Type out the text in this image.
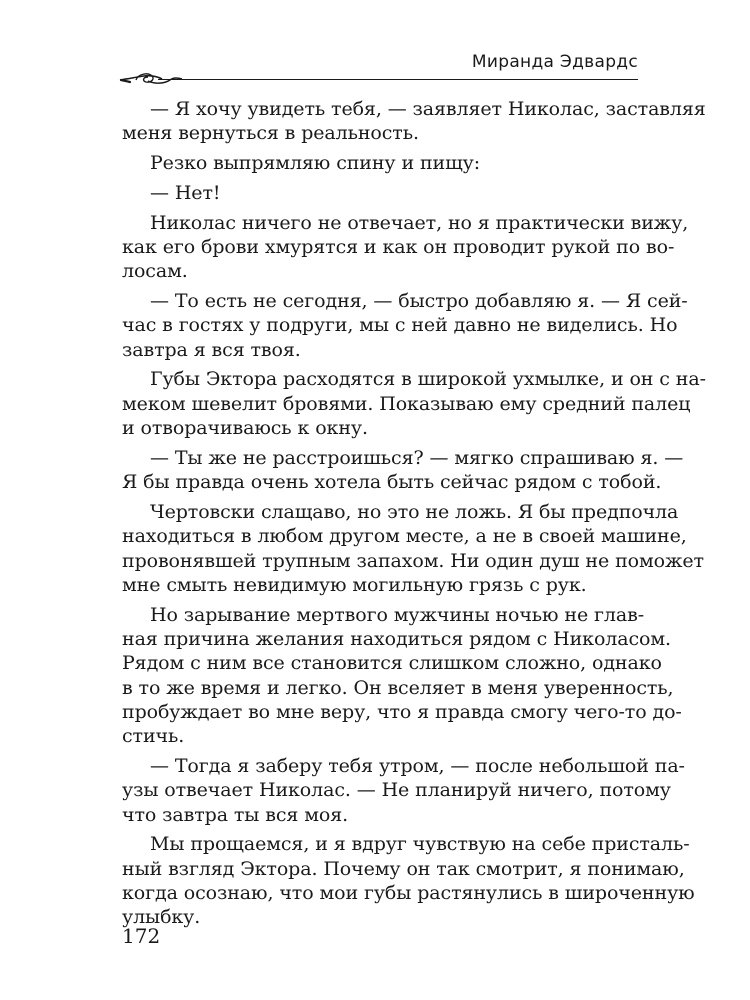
Миранда Эдвардс

— Я хочу увидеть тебя, — заявляет Николас, заставляя
меня вернуться в реальность.

Резко выпрямляю спину и пищу:

— Нет!

Николас ничего не отвечает, но я практически вижу,
как его брови хмурятся и как он проводит рукой по во-
лосам.

— То есть не сегодня, — быстро добавляю я. — Я сей-
час в гостях у подруги, мы с ней давно не виделись. Но
завтра я вся твоя.

Губы Эктора расходятся в широкой ухмылке, и он с на-
меком шевелит бровями. Показываю ему средний палец
и отворачиваюсь к окну.

— Ты же не расстроишься? — мягко спрашиваю я. —
Я бы правда очень хотела быть сейчас рядом с тобой.

Чертовски слащаво, но это не ложь. Я бы предпочла
находиться в любом другом месте, а не в своей машине,
провонявшей трупным запахом. Ни один душ не поможет
мне смыть невидимую могильную грязь с рук.

Но зарывание мертвого мужчины ночью не глав-
ная причина желания находиться рядом с Николасом.
Рядом с ним все становится слишком сложно, однако
в то же время и легко. Он вселяет в меня уверенность,
пробуждает во мне веру, что я правда смогу чего-то до-
стичь.

— Тогда я заберу тебя утром, — после небольшой па-
узы отвечает Николас. — Не планируй ничего, потому
что завтра ты вся моя.

Мы прощаемся, и я вдруг чувствую на себе присталь-
ный взгляд Эктора. Почему он так смотрит, я понимаю,
когда осознаю, что мои губы растянулись в широченную
улыбку.

172
